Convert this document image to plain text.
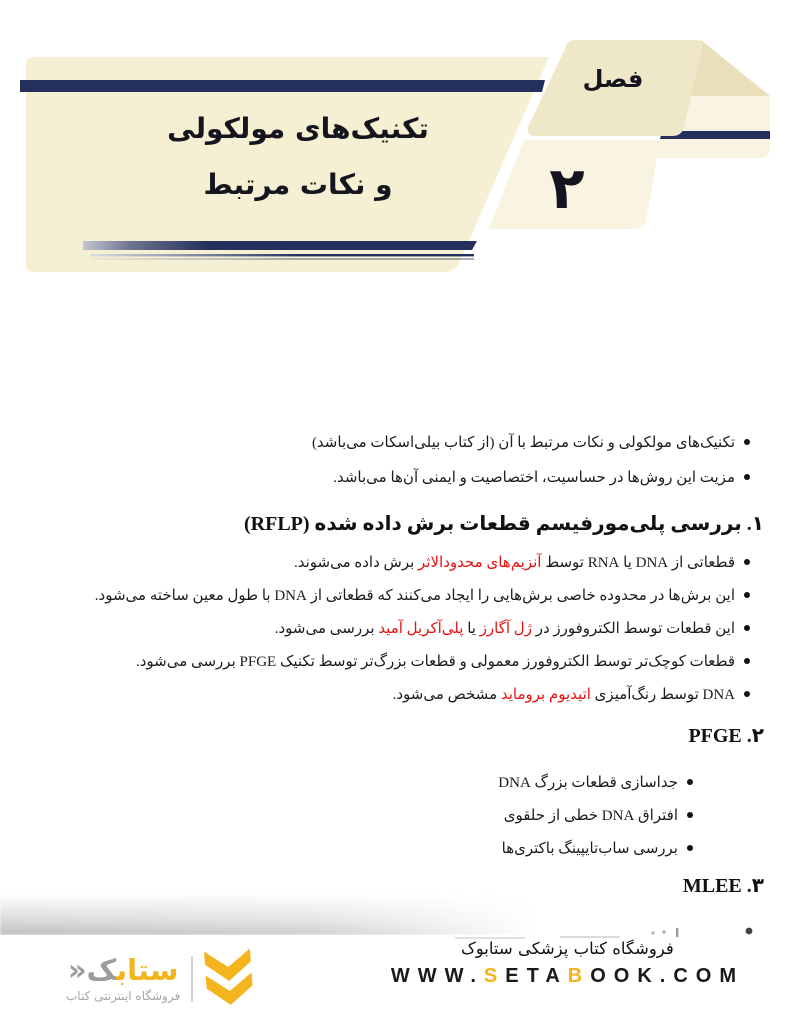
فصل
۲
تکنیک‌های مولکولی
و نکات مرتبط
تکنیک‌های مولکولی و نکات مرتبط با آن (از کتاب بیلی‌اسکات می‌باشد)
مزیت این روش‌ها در حساسیت، اختصاصیت و ایمنی آن‌ها می‌باشد.
۱. بررسی پلی‌مورفیسم قطعات برش داده شده (RFLP)
قطعاتی از DNA یا RNA توسط آنزیم‌های محدودالاثر برش داده می‌شوند.
این برش‌ها در محدوده خاصی برش‌هایی را ایجاد می‌کنند که قطعاتی از DNA با طول معین ساخته می‌شود.
این قطعات توسط الکتروفورز در ژل آگارز یا پلی‌آکریل آمید بررسی می‌شود.
قطعات کوچک‌تر توسط الکتروفورز معمولی و قطعات بزرگ‌تر توسط تکنیک PFGE بررسی می‌شود.
DNA توسط رنگ‌آمیزی اتیدیوم بروماید مشخص می‌شود.
۲. PFGE
جداسازی قطعات بزرگ DNA
افتراق DNA خطی از حلقوی
بررسی ساب‌تایپینگ باکتری‌ها
۳. MLEE
فروشگاه کتاب پزشکی ستابوک
WWW.SETABOOK.COM
ستابک«
فروشگاه اینترنتی کتاب
